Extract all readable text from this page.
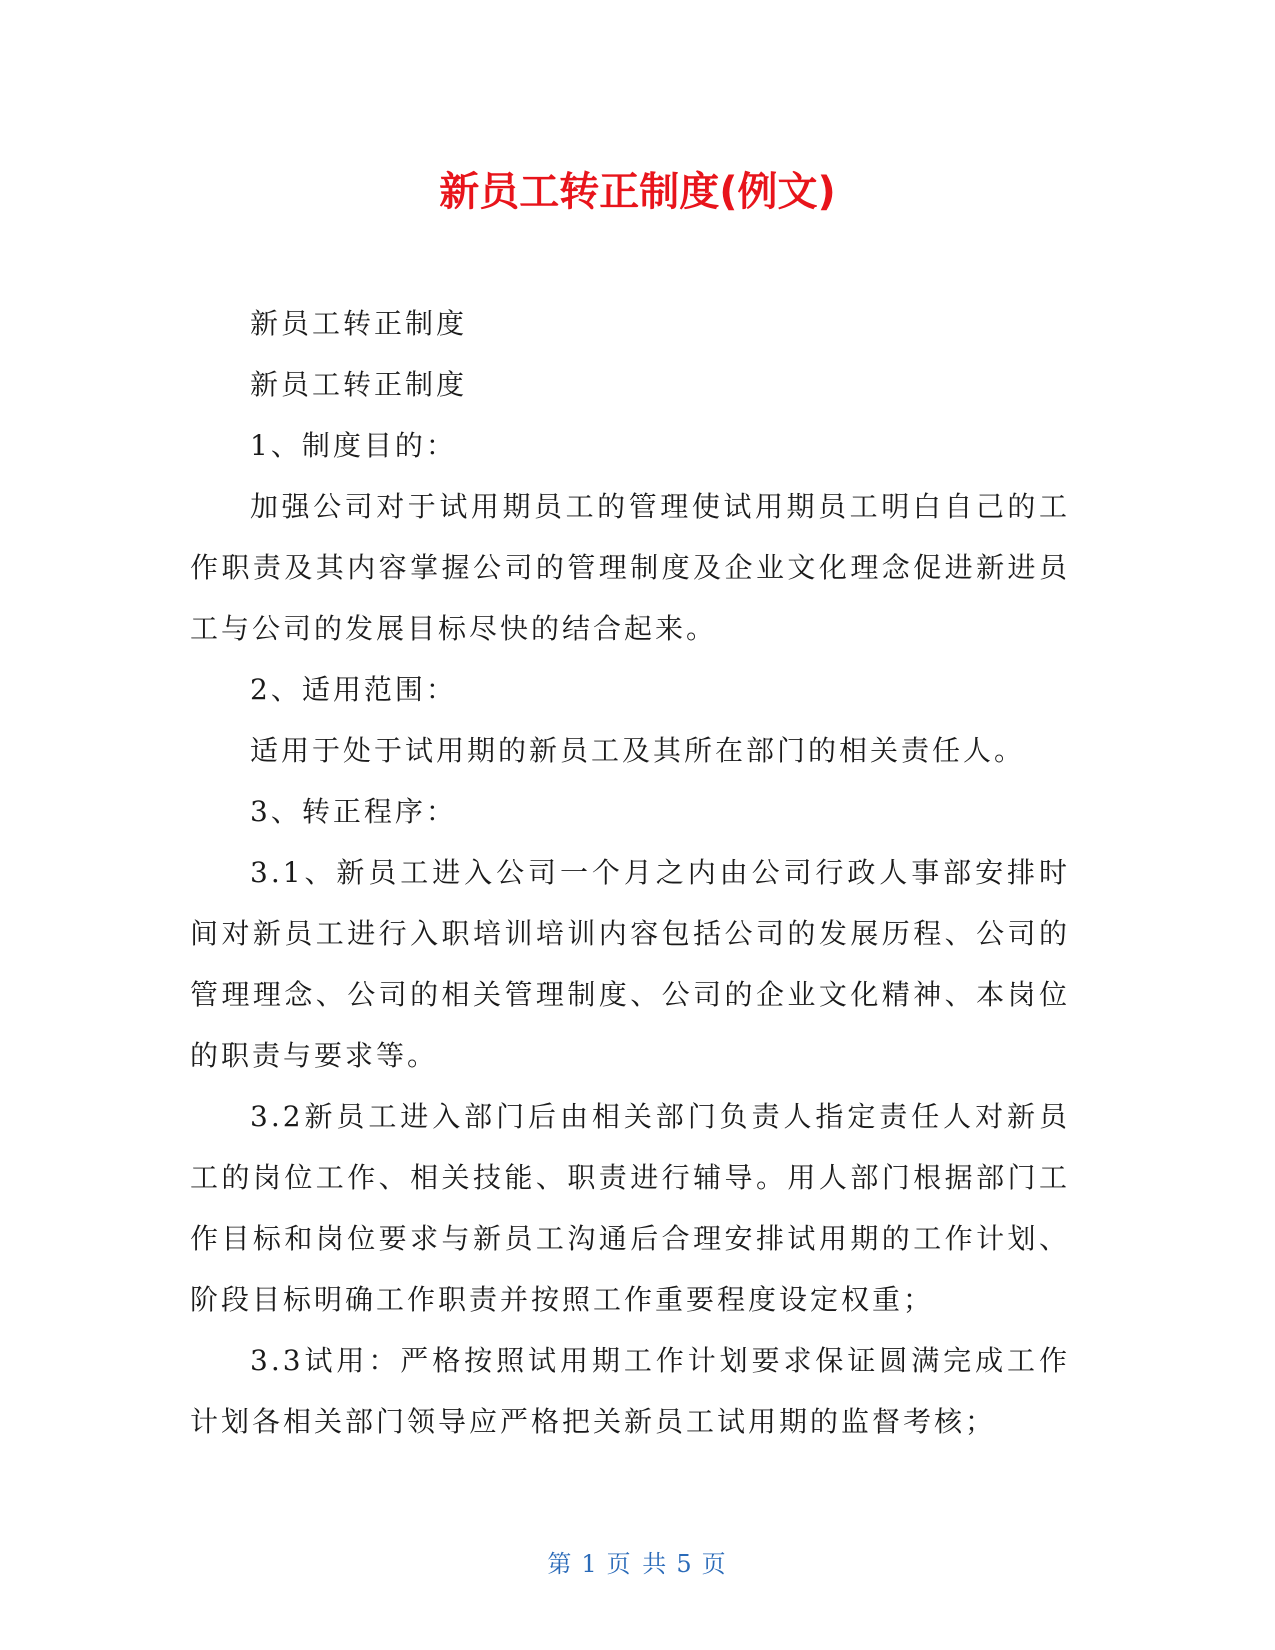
新员工转正制度(例文)

新员工转正制度

新员工转正制度

1、制度目的：

加强公司对于试用期员工的管理使试用期员工明白自己的工作职责及其内容掌握公司的管理制度及企业文化理念促进新进员工与公司的发展目标尽快的结合起来。

2、适用范围：

适用于处于试用期的新员工及其所在部门的相关责任人。

3、转正程序：

3.1、新员工进入公司一个月之内由公司行政人事部安排时间对新员工进行入职培训培训内容包括公司的发展历程、公司的管理理念、公司的相关管理制度、公司的企业文化精神、本岗位的职责与要求等。

3.2新员工进入部门后由相关部门负责人指定责任人对新员工的岗位工作、相关技能、职责进行辅导。用人部门根据部门工作目标和岗位要求与新员工沟通后合理安排试用期的工作计划、阶段目标明确工作职责并按照工作重要程度设定权重；

3.3试用：严格按照试用期工作计划要求保证圆满完成工作计划各相关部门领导应严格把关新员工试用期的监督考核；

第 1 页 共 5 页
